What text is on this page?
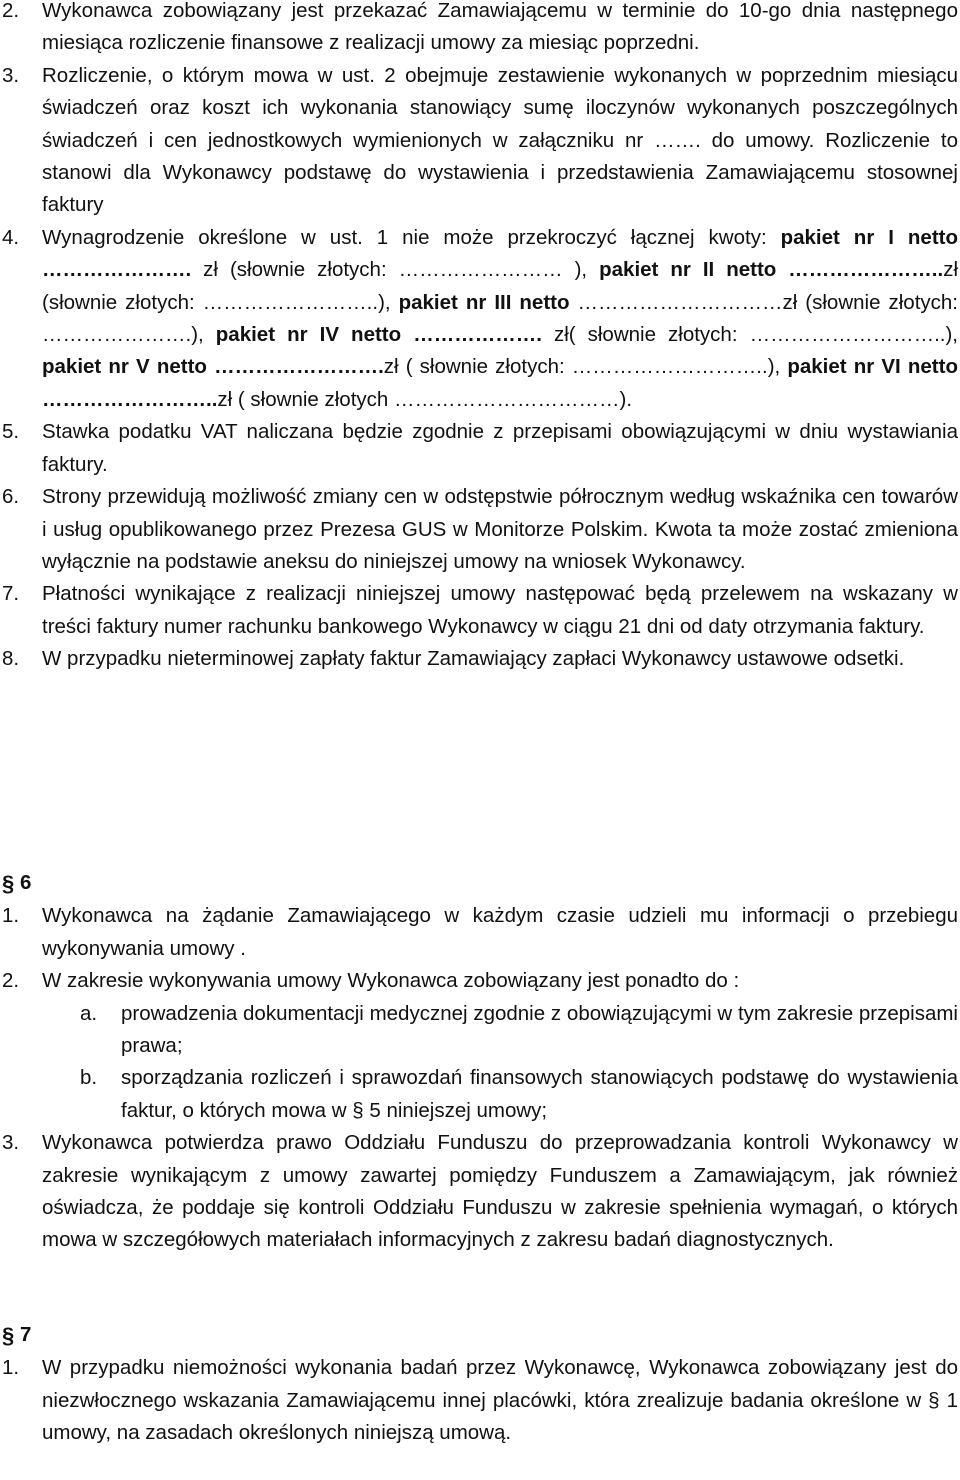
2. Wykonawca zobowiązany jest przekazać Zamawiającemu w terminie do 10-go dnia następnego miesiąca rozliczenie finansowe z realizacji umowy za miesiąc poprzedni.
3. Rozliczenie, o którym mowa w ust. 2 obejmuje zestawienie wykonanych w poprzednim miesiącu świadczeń oraz koszt ich wykonania stanowiący sumę iloczynów wykonanych poszczególnych świadczeń i cen jednostkowych wymienionych w załączniku nr ……. do umowy. Rozliczenie to stanowi dla Wykonawcy podstawę do wystawienia i przedstawienia Zamawiającemu stosownej faktury
4. Wynagrodzenie określone w ust. 1 nie może przekroczyć łącznej kwoty: pakiet nr I netto …………………. zł (słownie złotych: …………………… ), pakiet nr II netto …………………..zł (słownie złotych: ……………………..), pakiet nr III netto …………………………zł (słownie złotych: ………………….), pakiet nr IV netto ………………. zł( słownie złotych: ………………………..), pakiet nr V netto …………………….zł ( słownie złotych: ………………………..), pakiet nr VI netto ……………………..zł ( słownie złotych ……………………………).
5. Stawka podatku VAT naliczana będzie zgodnie z przepisami obowiązującymi w dniu wystawiania faktury.
6. Strony przewidują możliwość zmiany cen w odstępstwie półrocznym według wskaźnika cen towarów i usług opublikowanego przez Prezesa GUS w Monitorze Polskim. Kwota ta może zostać zmieniona wyłącznie na podstawie aneksu do niniejszej umowy na wniosek Wykonawcy.
7. Płatności wynikające z realizacji niniejszej umowy następować będą przelewem na wskazany w treści faktury numer rachunku bankowego Wykonawcy w ciągu 21 dni od daty otrzymania faktury.
8. W przypadku nieterminowej zapłaty faktur Zamawiający zapłaci Wykonawcy ustawowe odsetki.
§ 6
1. Wykonawca na żądanie Zamawiającego w każdym czasie udzieli mu informacji o przebiegu wykonywania umowy .
2. W zakresie wykonywania umowy Wykonawca zobowiązany jest ponadto do :
a. prowadzenia dokumentacji medycznej zgodnie z obowiązującymi w tym zakresie przepisami prawa;
b. sporządzania rozliczeń i sprawozdań finansowych stanowiących podstawę do wystawienia faktur, o których mowa w § 5 niniejszej umowy;
3. Wykonawca potwierdza prawo Oddziału Funduszu do przeprowadzania kontroli Wykonawcy w zakresie wynikającym z umowy zawartej pomiędzy Funduszem a Zamawiającym, jak również oświadcza, że poddaje się kontroli Oddziału Funduszu w zakresie spełnienia wymagań, o których mowa w szczegółowych materiałach informacyjnych z zakresu badań diagnostycznych.
§ 7
1. W przypadku niemożności wykonania badań przez Wykonawcę, Wykonawca zobowiązany jest do niezwłocznego wskazania Zamawiającemu innej placówki, która zrealizuje badania określone w § 1 umowy, na zasadach określonych niniejszą umową.
